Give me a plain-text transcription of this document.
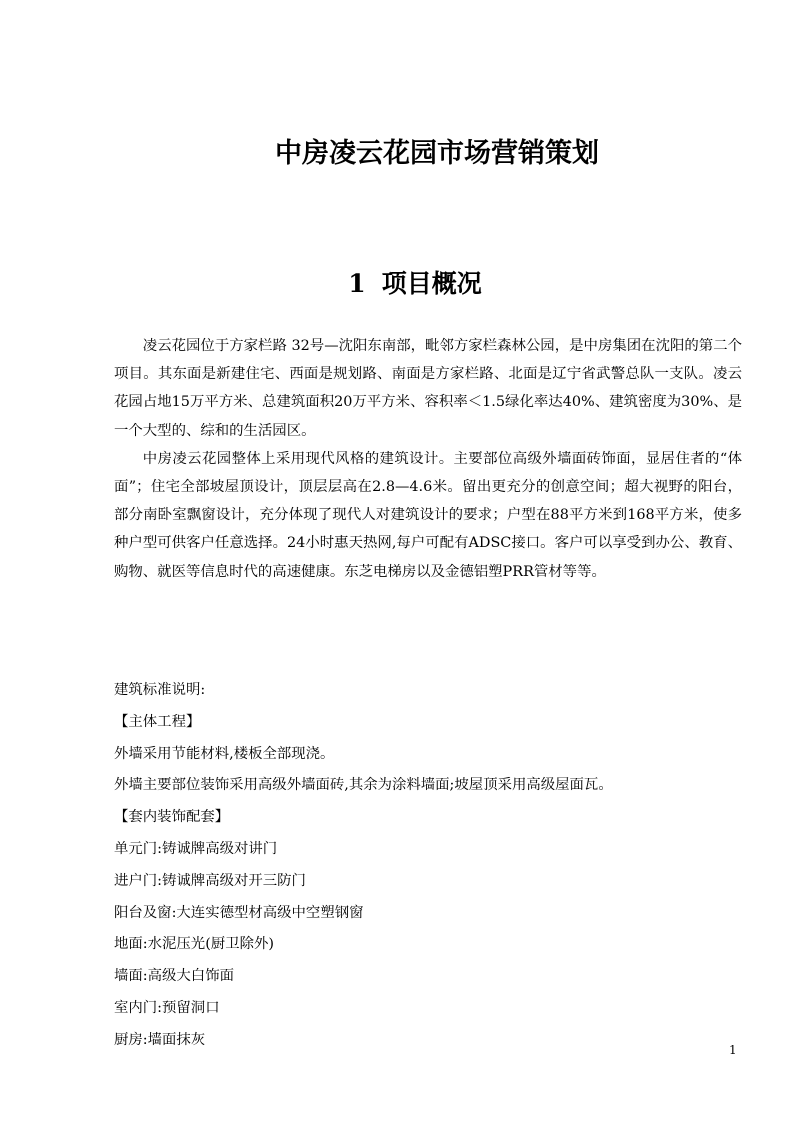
中房凌云花园市场营销策划
1 项目概况

凌云花园位于方家栏路 32号—沈阳东南部，毗邻方家栏森林公园，是中房集团在沈阳的第二个项目。其东面是新建住宅、西面是规划路、南面是方家栏路、北面是辽宁省武警总队一支队。凌云花园占地15万平方米、总建筑面积20万平方米、容积率＜1.5绿化率达40%、建筑密度为30%、是一个大型的、综和的生活园区。

中房凌云花园整体上采用现代风格的建筑设计。主要部位高级外墙面砖饰面，显居住者的“体面”；住宅全部坡屋顶设计，顶层层高在2.8—4.6米。留出更充分的创意空间；超大视野的阳台，部分南卧室飘窗设计，充分体现了现代人对建筑设计的要求；户型在88平方米到168平方米，使多种户型可供客户任意选择。24小时惠天热网,每户可配有ADSC接口。客户可以享受到办公、教育、购物、就医等信息时代的高速健康。东芝电梯房以及金德铝塑PRR管材等等。

建筑标准说明:
【主体工程】
外墙采用节能材料,楼板全部现浇。
外墙主要部位装饰采用高级外墙面砖,其余为涂料墙面;坡屋顶采用高级屋面瓦。
【套内装饰配套】
单元门:铸诚牌高级对讲门
进户门:铸诚牌高级对开三防门
阳台及窗:大连实德型材高级中空塑钢窗
地面:水泥压光(厨卫除外)
墙面:高级大白饰面
室内门:预留洞口
厨房:墙面抹灰
1
